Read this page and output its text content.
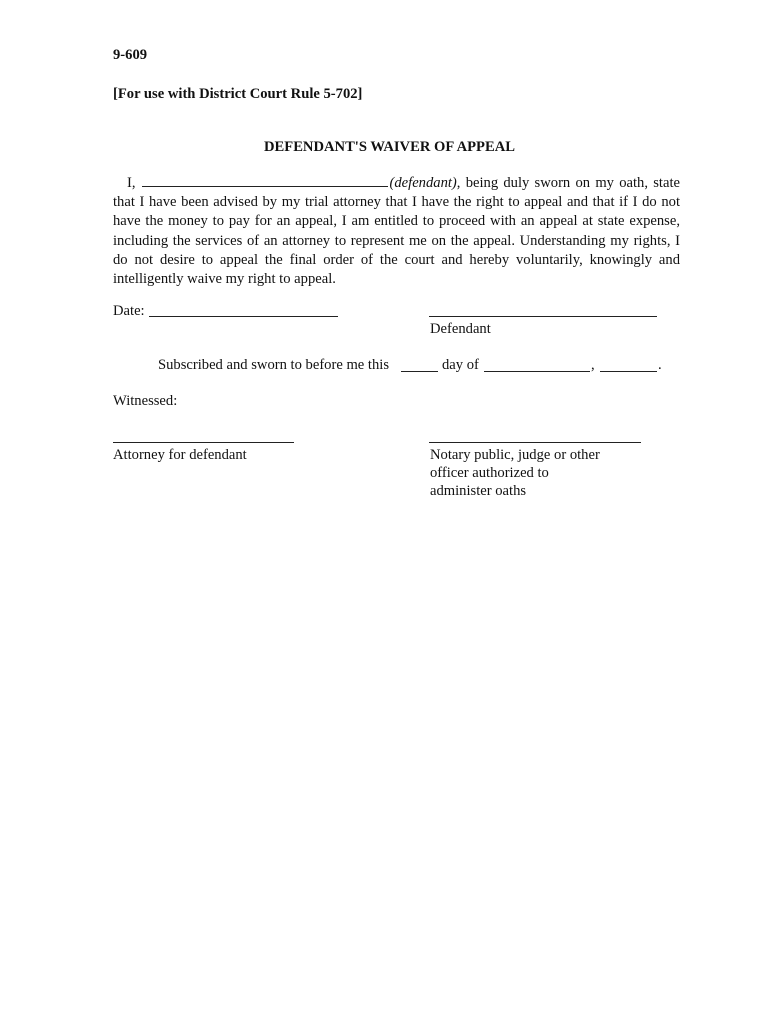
9-609
[For use with District Court Rule 5-702]
DEFENDANT'S WAIVER OF APPEAL
I,	(defendant), being duly sworn on my oath, state that I have been advised by my trial attorney that I have the right to appeal and that if I do not have the money to pay for an appeal, I am entitled to proceed with an appeal at state expense, including the services of an attorney to represent me on the appeal. Understanding my rights, I do not desire to appeal the final order of the court and hereby voluntarily, knowingly and intelligently waive my right to appeal.
Date:
Defendant
Subscribed and sworn to before me this	day of	,	.
Witnessed:
Attorney for defendant	Notary public, judge or other
officer authorized to
administer oaths
